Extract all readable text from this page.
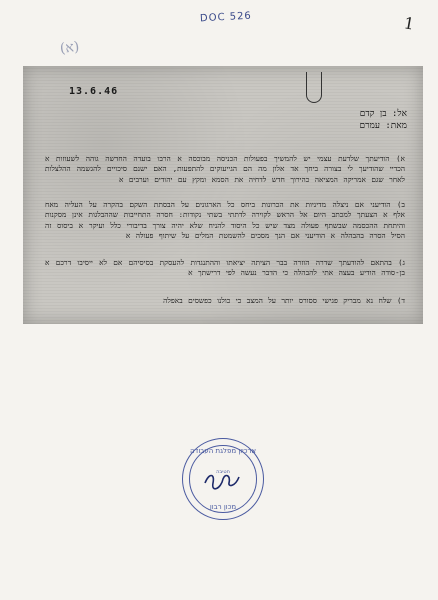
(א)
DOC 526	1
13.6.46
אל: בן קדם
מאת: עמרם
א) הודיעתך שלדעת עצמי יש להמשיך בפעולות הכניסה מבוכסה א הרבו בועדה החדשה גוהה לשעוזות א הכדיי שהודיעך לי בצורה ביחך אד אלון מה הם הגייעוקים להתפעות, האם ישנם סיכויים להגשמה ההלצלות לאחר שגם אמריקה המציאה כהירוך חדש לדחיה את הסמא ומקץ עם יהודים וערבים א
ב) הודיעני אם ניצלה מדיניות את הכרונות ביחס כל הארגונים על הבסתת השקם בהקרה על העליה מאח אלף א הצעתך למכתב היום אל הראש לקוירה לדתתי בשתי נקודות: חסרה התחייבות שההבלגות אינן מסקנות והיתחת ההכסמה שבשתף פעולה מצד שיש כל היסוד להניח שלא יהיה צורך בדיבורי כלל ועיקר א ביסוס זה הסיל הסרה בהבהלה א הודיעני אם הנך מסכים להשמטת המלים על שיתוף פעולה א
ג) בהתאם להודעתך שדרה הוזרה בבר הציתה יציאתו וההתנגדות להעסקת בסיסיהם אם לא ייסיבו דרכם א בן-סודה הודיע בעצה אתי להבהלה כי הדבר נעשה לפי דרישתך א
ד) שלח נא מבריק פגישי ססורס יותר על המצב כי כולנו כפשסים באפלה
ארכיון מפלגת העבודה
חטיבה
מכון רבון
